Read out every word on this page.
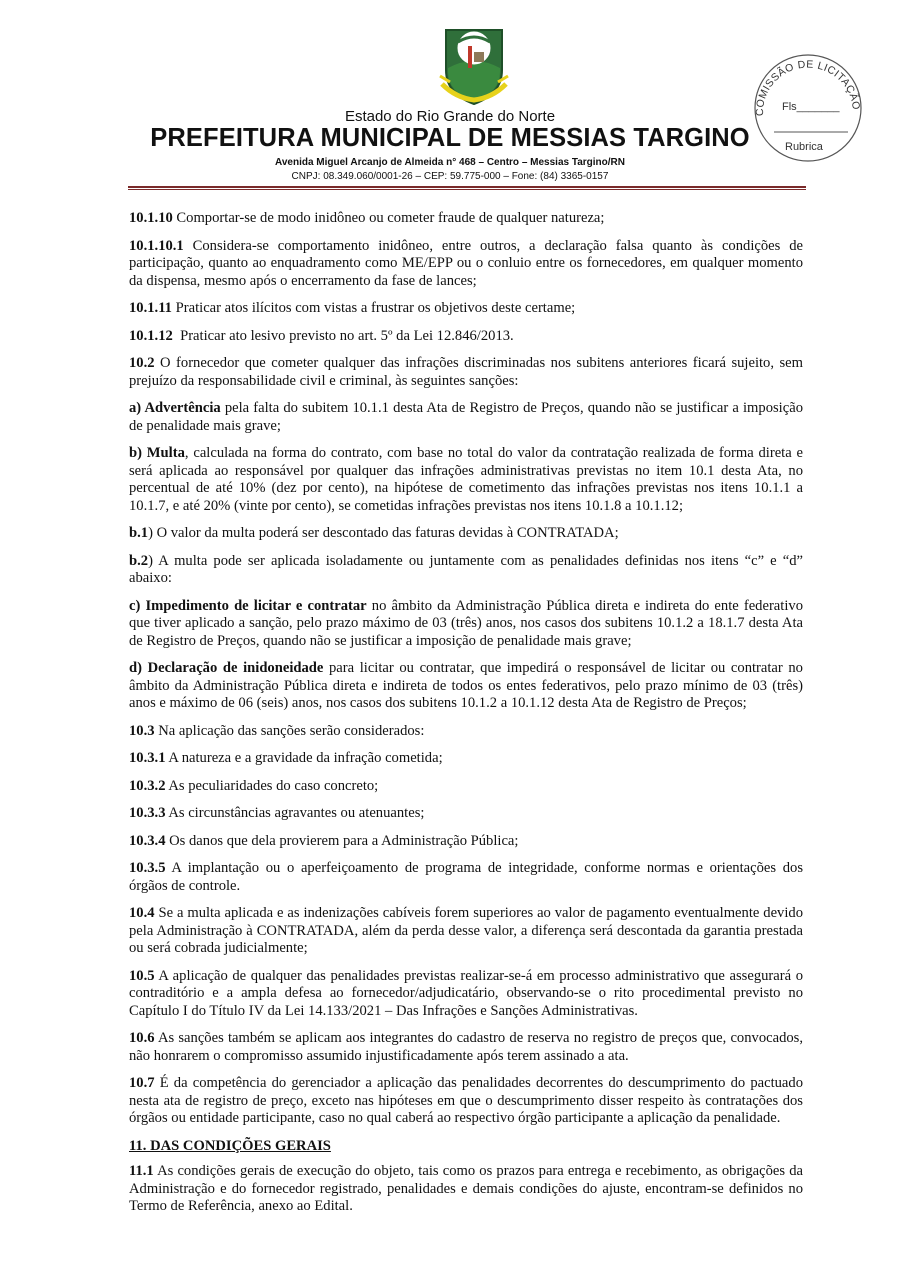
Estado do Rio Grande do Norte
PREFEITURA MUNICIPAL DE MESSIAS TARGINO
Avenida Miguel Arcanjo de Almeida n° 468 – Centro – Messias Targino/RN
CNPJ: 08.349.060/0001-26 – CEP: 59.775-000 – Fone: (84) 3365-0157
COMISSÃO DE LICITAÇÃO
Fls_______
Rubrica

10.1.10 Comportar-se de modo inidôneo ou cometer fraude de qualquer natureza;

10.1.10.1 Considera-se comportamento inidôneo, entre outros, a declaração falsa quanto às condições de participação, quanto ao enquadramento como ME/EPP ou o conluio entre os fornecedores, em qualquer momento da dispensa, mesmo após o encerramento da fase de lances;

10.1.11 Praticar atos ilícitos com vistas a frustrar os objetivos deste certame;

10.1.12  Praticar ato lesivo previsto no art. 5º da Lei 12.846/2013.

10.2 O fornecedor que cometer qualquer das infrações discriminadas nos subitens anteriores ficará sujeito, sem prejuízo da responsabilidade civil e criminal, às seguintes sanções:

a) Advertência pela falta do subitem 10.1.1 desta Ata de Registro de Preços, quando não se justificar a imposição de penalidade mais grave;

b) Multa, calculada na forma do contrato, com base no total do valor da contratação realizada de forma direta e será aplicada ao responsável por qualquer das infrações administrativas previstas no item 10.1 desta Ata, no percentual de até 10% (dez por cento), na hipótese de cometimento das infrações previstas nos itens 10.1.1 a 10.1.7, e até 20% (vinte por cento), se cometidas infrações previstas nos itens 10.1.8 a 10.1.12;

b.1) O valor da multa poderá ser descontado das faturas devidas à CONTRATADA;

b.2) A multa pode ser aplicada isoladamente ou juntamente com as penalidades definidas nos itens “c” e “d” abaixo:

c) Impedimento de licitar e contratar no âmbito da Administração Pública direta e indireta do ente federativo que tiver aplicado a sanção, pelo prazo máximo de 03 (três) anos, nos casos dos subitens 10.1.2 a 18.1.7 desta Ata de Registro de Preços, quando não se justificar a imposição de penalidade mais grave;

d) Declaração de inidoneidade para licitar ou contratar, que impedirá o responsável de licitar ou contratar no âmbito da Administração Pública direta e indireta de todos os entes federativos, pelo prazo mínimo de 03 (três) anos e máximo de 06 (seis) anos, nos casos dos subitens 10.1.2 a 10.1.12 desta Ata de Registro de Preços;

10.3 Na aplicação das sanções serão considerados:

10.3.1 A natureza e a gravidade da infração cometida;

10.3.2 As peculiaridades do caso concreto;

10.3.3 As circunstâncias agravantes ou atenuantes;

10.3.4 Os danos que dela provierem para a Administração Pública;

10.3.5 A implantação ou o aperfeiçoamento de programa de integridade, conforme normas e orientações dos órgãos de controle.

10.4 Se a multa aplicada e as indenizações cabíveis forem superiores ao valor de pagamento eventualmente devido pela Administração à CONTRATADA, além da perda desse valor, a diferença será descontada da garantia prestada ou será cobrada judicialmente;

10.5 A aplicação de qualquer das penalidades previstas realizar-se-á em processo administrativo que assegurará o contraditório e a ampla defesa ao fornecedor/adjudicatário, observando-se o rito procedimental previsto no Capítulo I do Título IV da Lei 14.133/2021 – Das Infrações e Sanções Administrativas.

10.6 As sanções também se aplicam aos integrantes do cadastro de reserva no registro de preços que, convocados, não honrarem o compromisso assumido injustificadamente após terem assinado a ata.

10.7 É da competência do gerenciador a aplicação das penalidades decorrentes do descumprimento do pactuado nesta ata de registro de preço, exceto nas hipóteses em que o descumprimento disser respeito às contratações dos órgãos ou entidade participante, caso no qual caberá ao respectivo órgão participante a aplicação da penalidade.

11. DAS CONDIÇÕES GERAIS

11.1 As condições gerais de execução do objeto, tais como os prazos para entrega e recebimento, as obrigações da Administração e do fornecedor registrado, penalidades e demais condições do ajuste, encontram-se definidos no Termo de Referência, anexo ao Edital.
